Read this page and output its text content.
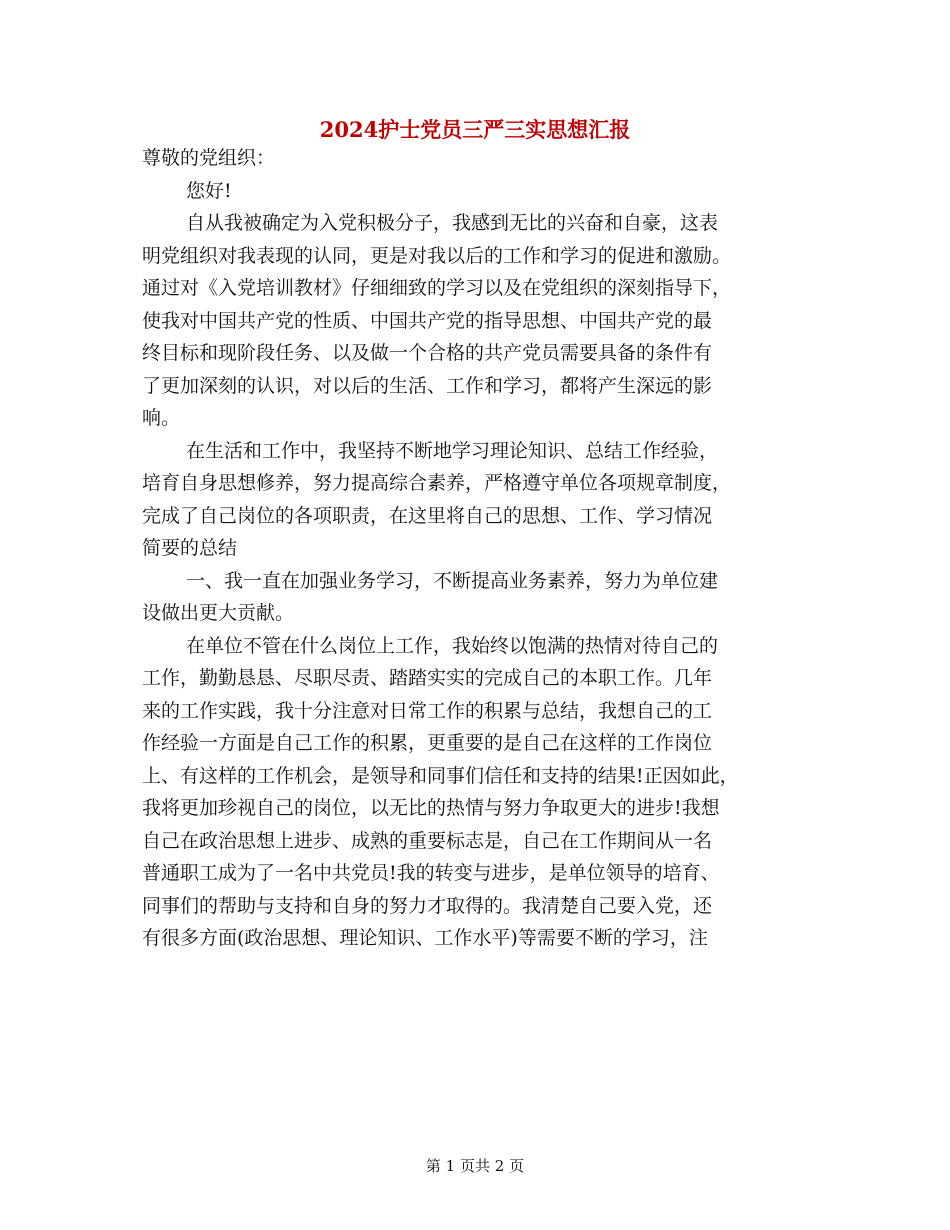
2024护士党员三严三实思想汇报

尊敬的党组织：

您好!

自从我被确定为入党积极分子，我感到无比的兴奋和自豪，这表

明党组织对我表现的认同，更是对我以后的工作和学习的促进和激励。

通过对《入党培训教材》仔细细致的学习以及在党组织的深刻指导下，

使我对中国共产党的性质、中国共产党的指导思想、中国共产党的最

终目标和现阶段任务、以及做一个合格的共产党员需要具备的条件有

了更加深刻的认识，对以后的生活、工作和学习，都将产生深远的影

响。

在生活和工作中，我坚持不断地学习理论知识、总结工作经验，

培育自身思想修养，努力提高综合素养，严格遵守单位各项规章制度，

完成了自己岗位的各项职责，在这里将自己的思想、工作、学习情况

简要的总结

一、我一直在加强业务学习，不断提高业务素养，努力为单位建

设做出更大贡献。

在单位不管在什么岗位上工作，我始终以饱满的热情对待自己的

工作，勤勤恳恳、尽职尽责、踏踏实实的完成自己的本职工作。几年

来的工作实践，我十分注意对日常工作的积累与总结，我想自己的工

作经验一方面是自己工作的积累，更重要的是自己在这样的工作岗位

上、有这样的工作机会，是领导和同事们信任和支持的结果!正因如此，

我将更加珍视自己的岗位，以无比的热情与努力争取更大的进步!我想

自己在政治思想上进步、成熟的重要标志是，自己在工作期间从一名

普通职工成为了一名中共党员!我的转变与进步，是单位领导的培育、

同事们的帮助与支持和自身的努力才取得的。我清楚自己要入党，还

有很多方面(政治思想、理论知识、工作水平)等需要不断的学习，注

第 1 页共 2 页
